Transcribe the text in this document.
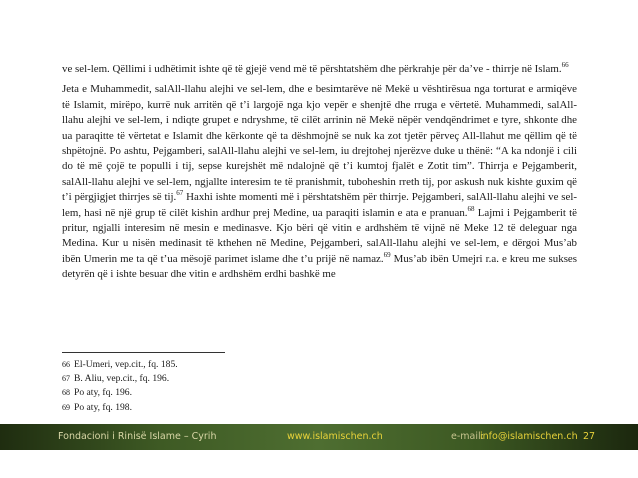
ve sel-lem. Qëllimi i udhëtimit ishte që të gjejë vend më të përshtatshëm dhe përkrahje për da’ve - thirrje në Islam.$^{66}$

Jeta e Muhammedit, salAll-llahu alejhi ve sel-lem, dhe e besimtarëve në Mekë u vështirësua nga torturat e armiqëve të Islamit, mirëpo, kurrë nuk arritën që t’i largojë nga kjo vepër e shenjtë dhe rruga e vërtetë. Muhammedi, salAll-llahu alejhi ve sel-lem, i ndiqte grupet e ndryshme, të cilët arrinin në Mekë nëpër vendqëndrimet e tyre, shkonte dhe ua paraqitte të vërtetat e Islamit dhe kërkonte që ta dëshmojnë se nuk ka zot tjetër përveç All-llahut me qëllim që të shpëtojnë. Po ashtu, Pejgamberi, salAll-llahu alejhi ve sel-lem, iu drejtohej njerëzve duke u thënë: “A ka ndonjë i cili do të më çojë te populli i tij, sepse kurejshët më ndalojnë që t’i kumtoj fjalët e Zotit tim”. Thirrja e Pejgamberit, salAll-llahu alejhi ve sel-lem, ngjallte interesim te të pranishmit, tuboheshin rreth tij, por askush nuk kishte guxim që t’i përgjigjet thirrjes së tij.$^{67}$ Haxhi ishte momenti më i përshtatshëm për thirrje. Pejgamberi, salAll-llahu alejhi ve sel-lem, hasi në një grup të cilët kishin ardhur prej Medine, ua paraqiti islamin e ata e pranuan.$^{68}$ Lajmi i Pejgamberit të pritur, ngjalli interesim në mesin e medinasve. Kjo bëri që vitin e ardhshëm të vijnë në Meke 12 të deleguar nga Medina. Kur u nisën medinasit të kthehen në Medine, Pejgamberi, salAll-llahu alejhi ve sel-lem, e dërgoi Mus’ab ibën Umerin me ta që t’ua mësojë parimet islame dhe t’u prijë në namaz.$^{69}$ Mus’ab ibën Umejri r.a. e kreu me sukses detyrën që i ishte besuar dhe vitin e ardhshëm erdhi bashkë me

66 El-Umeri, vep.cit., fq. 185.
67 B. Aliu, vep.cit., fq. 196.
68 Po aty, fq. 196.
69 Po aty, fq. 198.
Fondacioni i Rinisë Islame – Cyrih	www.islamischen.ch	e-mail:
info@islamischen.ch 27
